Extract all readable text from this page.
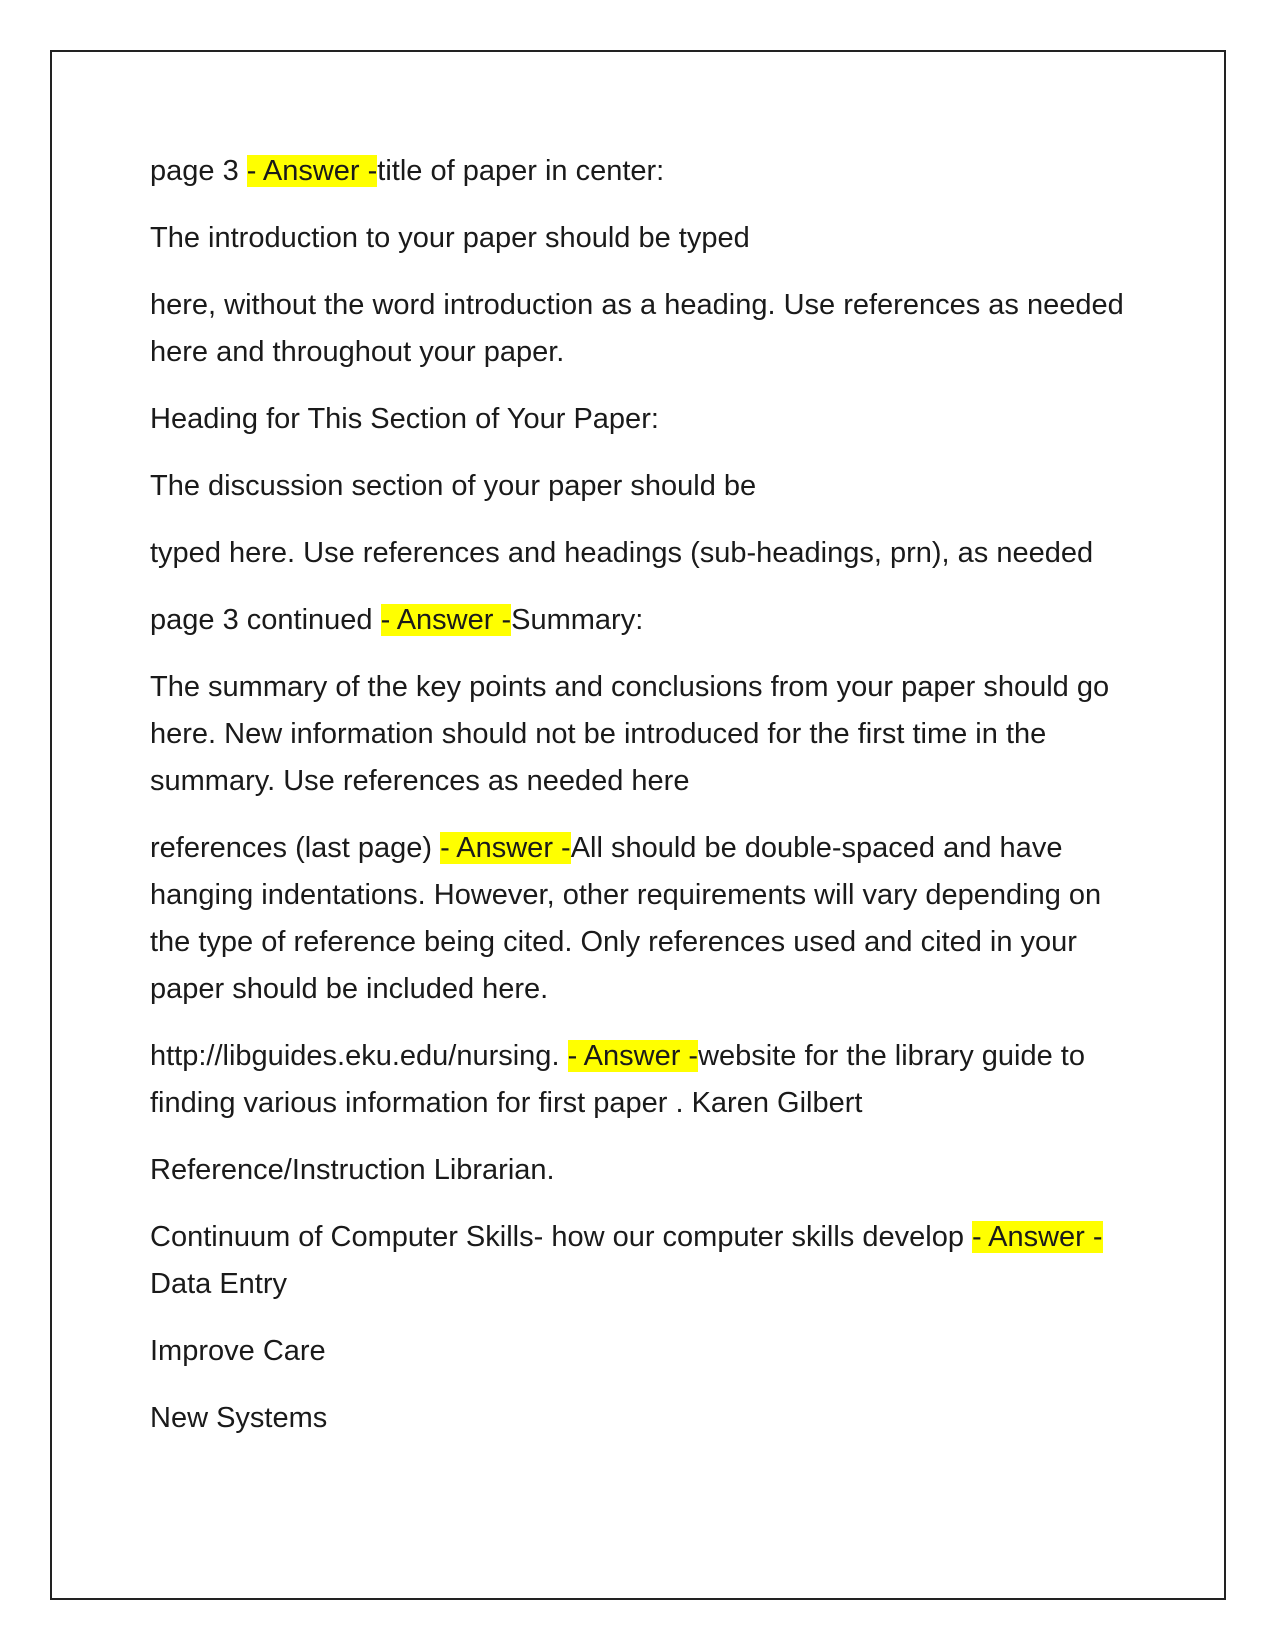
page 3 - Answer -title of paper in center:

The introduction to your paper should be typed

here, without the word introduction as a heading. Use references as needed here and throughout your paper.

Heading for This Section of Your Paper:

The discussion section of your paper should be

typed here. Use references and headings (sub-headings, prn), as needed

page 3 continued - Answer -Summary:

The summary of the key points and conclusions from your paper should go here. New information should not be introduced for the first time in the summary. Use references as needed here

references (last page) - Answer -All should be double-spaced and have hanging indentations. However, other requirements will vary depending on the type of reference being cited. Only references used and cited in your paper should be included here.

http://libguides.eku.edu/nursing. - Answer -website for the library guide to finding various information for first paper . Karen Gilbert

Reference/Instruction Librarian.

Continuum of Computer Skills- how our computer skills develop - Answer -Data Entry

Improve Care

New Systems
